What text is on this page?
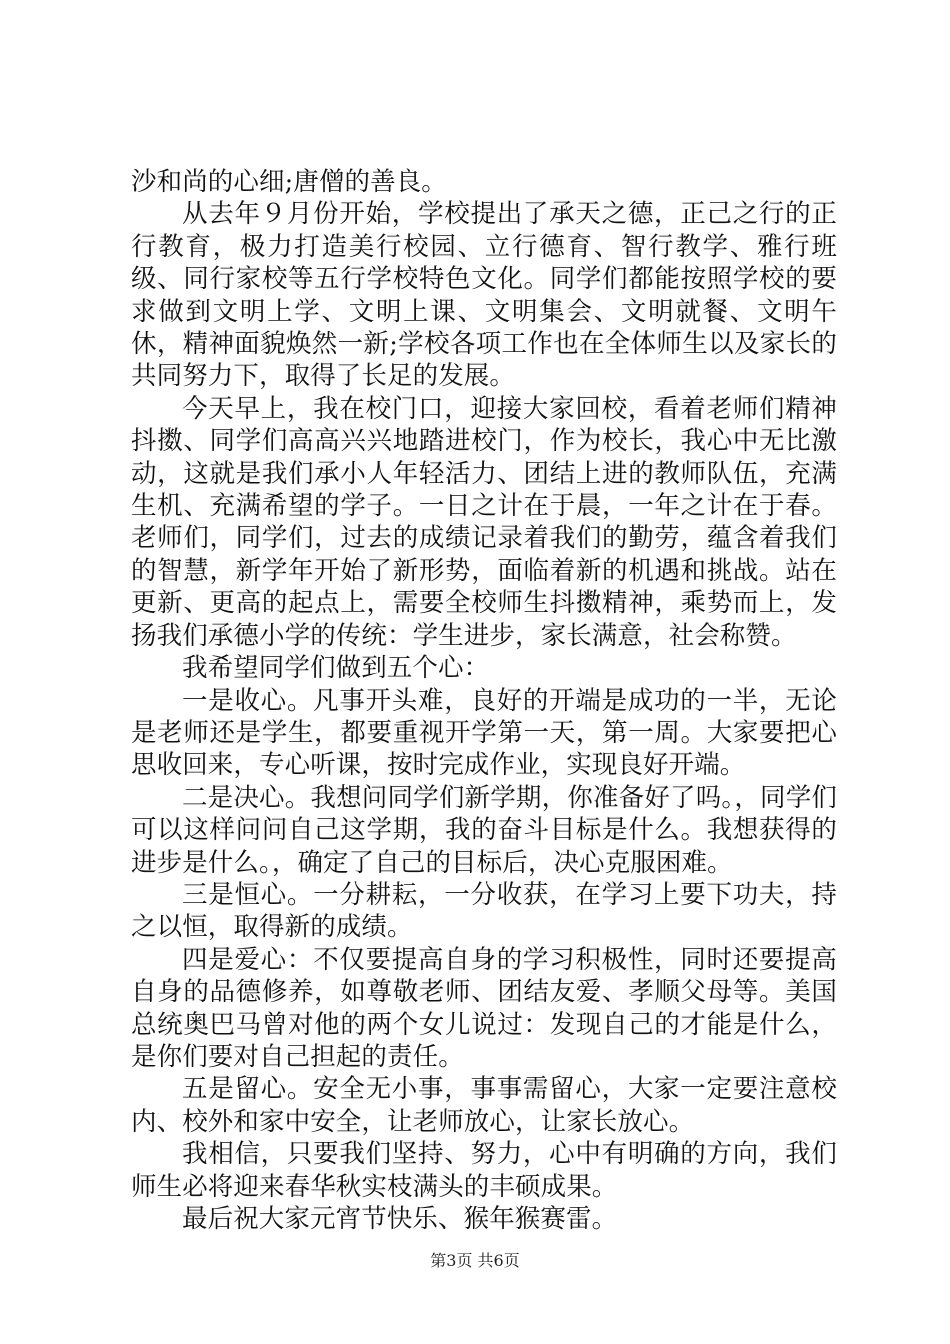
沙和尚的心细;唐僧的善良。

从去年９月份开始，学校提出了承天之德，正己之行的正行教育，极力打造美行校园、立行德育、智行教学、雅行班级、同行家校等五行学校特色文化。同学们都能按照学校的要求做到文明上学、文明上课、文明集会、文明就餐、文明午休，精神面貌焕然一新;学校各项工作也在全体师生以及家长的共同努力下，取得了长足的发展。

今天早上，我在校门口，迎接大家回校，看着老师们精神抖擞、同学们高高兴兴地踏进校门，作为校长，我心中无比激动，这就是我们承小人年轻活力、团结上进的教师队伍，充满生机、充满希望的学子。一日之计在于晨，一年之计在于春。老师们，同学们，过去的成绩记录着我们的勤劳，蕴含着我们的智慧，新学年开始了新形势，面临着新的机遇和挑战。站在更新、更高的起点上，需要全校师生抖擞精神，乘势而上，发扬我们承德小学的传统：学生进步，家长满意，社会称赞。

我希望同学们做到五个心：

一是收心。凡事开头难，良好的开端是成功的一半，无论是老师还是学生，都要重视开学第一天，第一周。大家要把心思收回来，专心听课，按时完成作业，实现良好开端。

二是决心。我想问同学们新学期，你准备好了吗。，同学们可以这样问问自己这学期，我的奋斗目标是什么。我想获得的进步是什么。，确定了自己的目标后，决心克服困难。

三是恒心。一分耕耘，一分收获，在学习上要下功夫，持之以恒，取得新的成绩。

四是爱心：不仅要提高自身的学习积极性，同时还要提高自身的品德修养，如尊敬老师、团结友爱、孝顺父母等。美国总统奥巴马曾对他的两个女儿说过：发现自己的才能是什么，是你们要对自己担起的责任。

五是留心。安全无小事，事事需留心，大家一定要注意校内、校外和家中安全，让老师放心，让家长放心。

我相信，只要我们坚持、努力，心中有明确的方向，我们师生必将迎来春华秋实枝满头的丰硕成果。

最后祝大家元宵节快乐、猴年猴赛雷。

第3页 共6页
